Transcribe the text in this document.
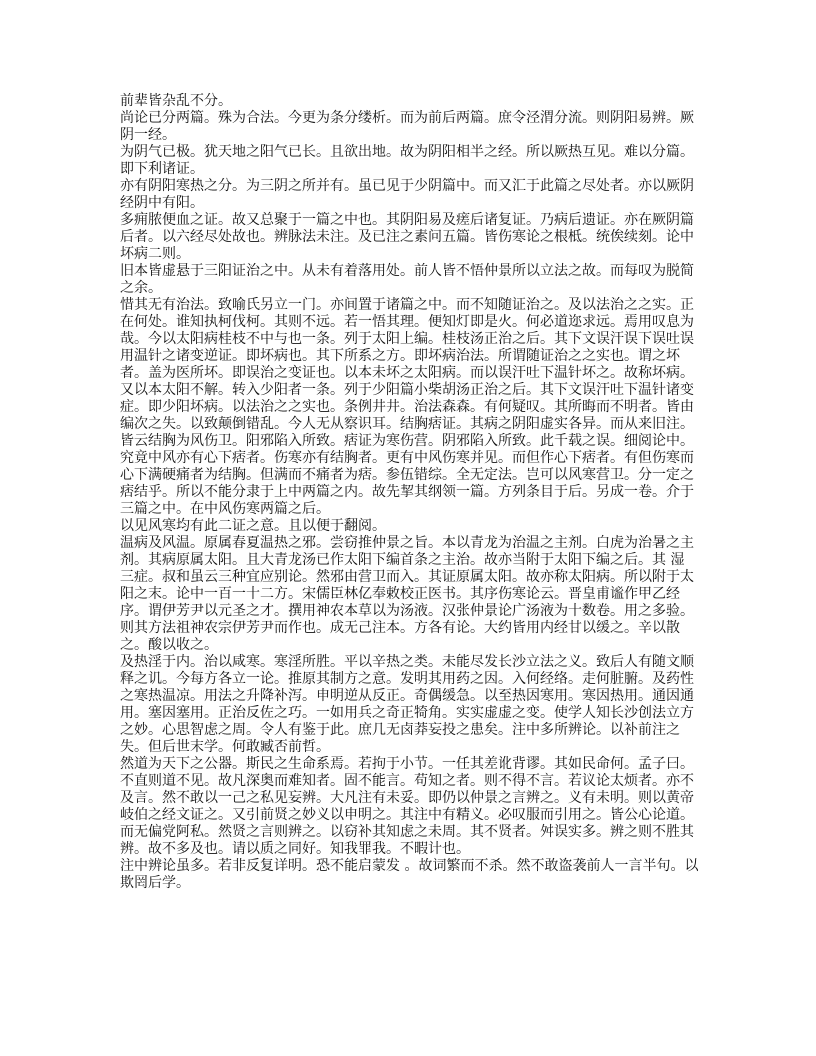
前辈皆杂乱不分。

尚论已分两篇。殊为合法。今更为条分缕析。而为前后两篇。庶令泾渭分流。则阴阳易辨。厥阴一经。

为阴气已极。犹天地之阳气已长。且欲出地。故为阴阳相半之经。所以厥热互见。难以分篇。即下利诸证。

亦有阴阳寒热之分。为三阴之所并有。虽已见于少阴篇中。而又汇于此篇之尽处者。亦以厥阴经阴中有阳。

多痈脓便血之证。故又总聚于一篇之中也。其阴阳易及瘥后诸复证。乃病后遗证。亦在厥阴篇后者。以六经尽处故也。辨脉法未注。及已注之素问五篇。皆伤寒论之根柢。统俟续刻。论中坏病二则。

旧本皆虚悬于三阳证治之中。从未有着落用处。前人皆不悟仲景所以立法之故。而每叹为脱简之余。

惜其无有治法。致喻氏另立一门。亦间置于诸篇之中。而不知随证治之。及以法治之之实。正在何处。谁知执柯伐柯。其则不远。若一悟其理。便知灯即是火。何必道迩求远。焉用叹息为哉。今以太阳病桂枝不中与也一条。列于太阳上编。桂枝汤正治之后。其下文误汗误下误吐误用温针之诸变逆证。即坏病也。其下所系之方。即坏病治法。所谓随证治之之实也。谓之坏者。盖为医所坏。即误治之变证也。以本未坏之太阳病。而以误汗吐下温针坏之。故称坏病。又以本太阳不解。转入少阳者一条。列于少阳篇小柴胡汤正治之后。其下文误汗吐下温针诸变症。即少阳坏病。以法治之之实也。条例井井。治法森森。有何疑叹。其所晦而不明者。皆由编次之失。以致颠倒错乱。今人无从察识耳。结胸痞证。其病之阴阳虚实各异。而从来旧注。皆云结胸为风伤卫。阳邪陷入所致。痞证为寒伤营。阴邪陷入所致。此千载之误。细阅论中。究竟中风亦有心下痞者。伤寒亦有结胸者。更有中风伤寒并见。而但作心下痞者。有但伤寒而心下满硬痛者为结胸。但满而不痛者为痞。参伍错综。全无定法。岂可以风寒营卫。分一定之痞结乎。所以不能分隶于上中两篇之内。故先挈其纲领一篇。方列条目于后。另成一卷。介于三篇之中。在中风伤寒两篇之后。

以见风寒均有此二证之意。且以便于翻阅。

温病及风温。原属春夏温热之邪。尝窃推仲景之旨。本以青龙为治温之主剂。白虎为治暑之主剂。其病原属太阳。且大青龙汤已作太阳下编首条之主治。故亦当附于太阳下编之后。其 湿 三症。叔和虽云三种宜应别论。然邪由营卫而入。其证原属太阳。故亦称太阳病。所以附于太阳之末。论中一百一十二方。宋儒臣林亿奉敕校正医书。其序伤寒论云。晋皇甫谧作甲乙经序。谓伊芳尹以元圣之才。撰用神农本草以为汤液。汉张仲景论广汤液为十数卷。用之多验。则其方法祖神农宗伊芳尹而作也。成无己注本。方各有论。大约皆用内经甘以缓之。辛以散之。酸以收之。

及热淫于内。治以咸寒。寒淫所胜。平以辛热之类。未能尽发长沙立法之义。致后人有随文顺释之讥。今每方各立一论。推原其制方之意。发明其用药之因。入何经络。走何脏腑。及药性之寒热温凉。用法之升降补泻。申明逆从反正。奇偶缓急。以至热因寒用。寒因热用。通因通用。塞因塞用。正治反佐之巧。一如用兵之奇正犄角。实实虚虚之变。使学人知长沙创法立方之妙。心思智虑之周。令人有鉴于此。庶几无卤莽妄投之患矣。注中多所辨论。以补前注之失。但后世末学。何敢臧否前哲。

然道为天下之公器。斯民之生命系焉。若拘于小节。一任其差讹背谬。其如民命何。孟子曰。不直则道不见。故凡深奥而难知者。固不能言。苟知之者。则不得不言。若议论太烦者。亦不及言。然不敢以一己之私见妄辨。大凡注有未妥。即仍以仲景之言辨之。义有未明。则以黄帝岐伯之经文证之。又引前贤之妙义以申明之。其注中有精义。必叹服而引用之。皆公心论道。而无偏党阿私。然贤之言则辨之。以窃补其知虑之未周。其不贤者。舛误实多。辨之则不胜其辨。故不多及也。请以质之同好。知我罪我。不暇计也。

注中辨论虽多。若非反复详明。恐不能启蒙发 。故词繁而不杀。然不敢盗袭前人一言半句。以欺罔后学。
